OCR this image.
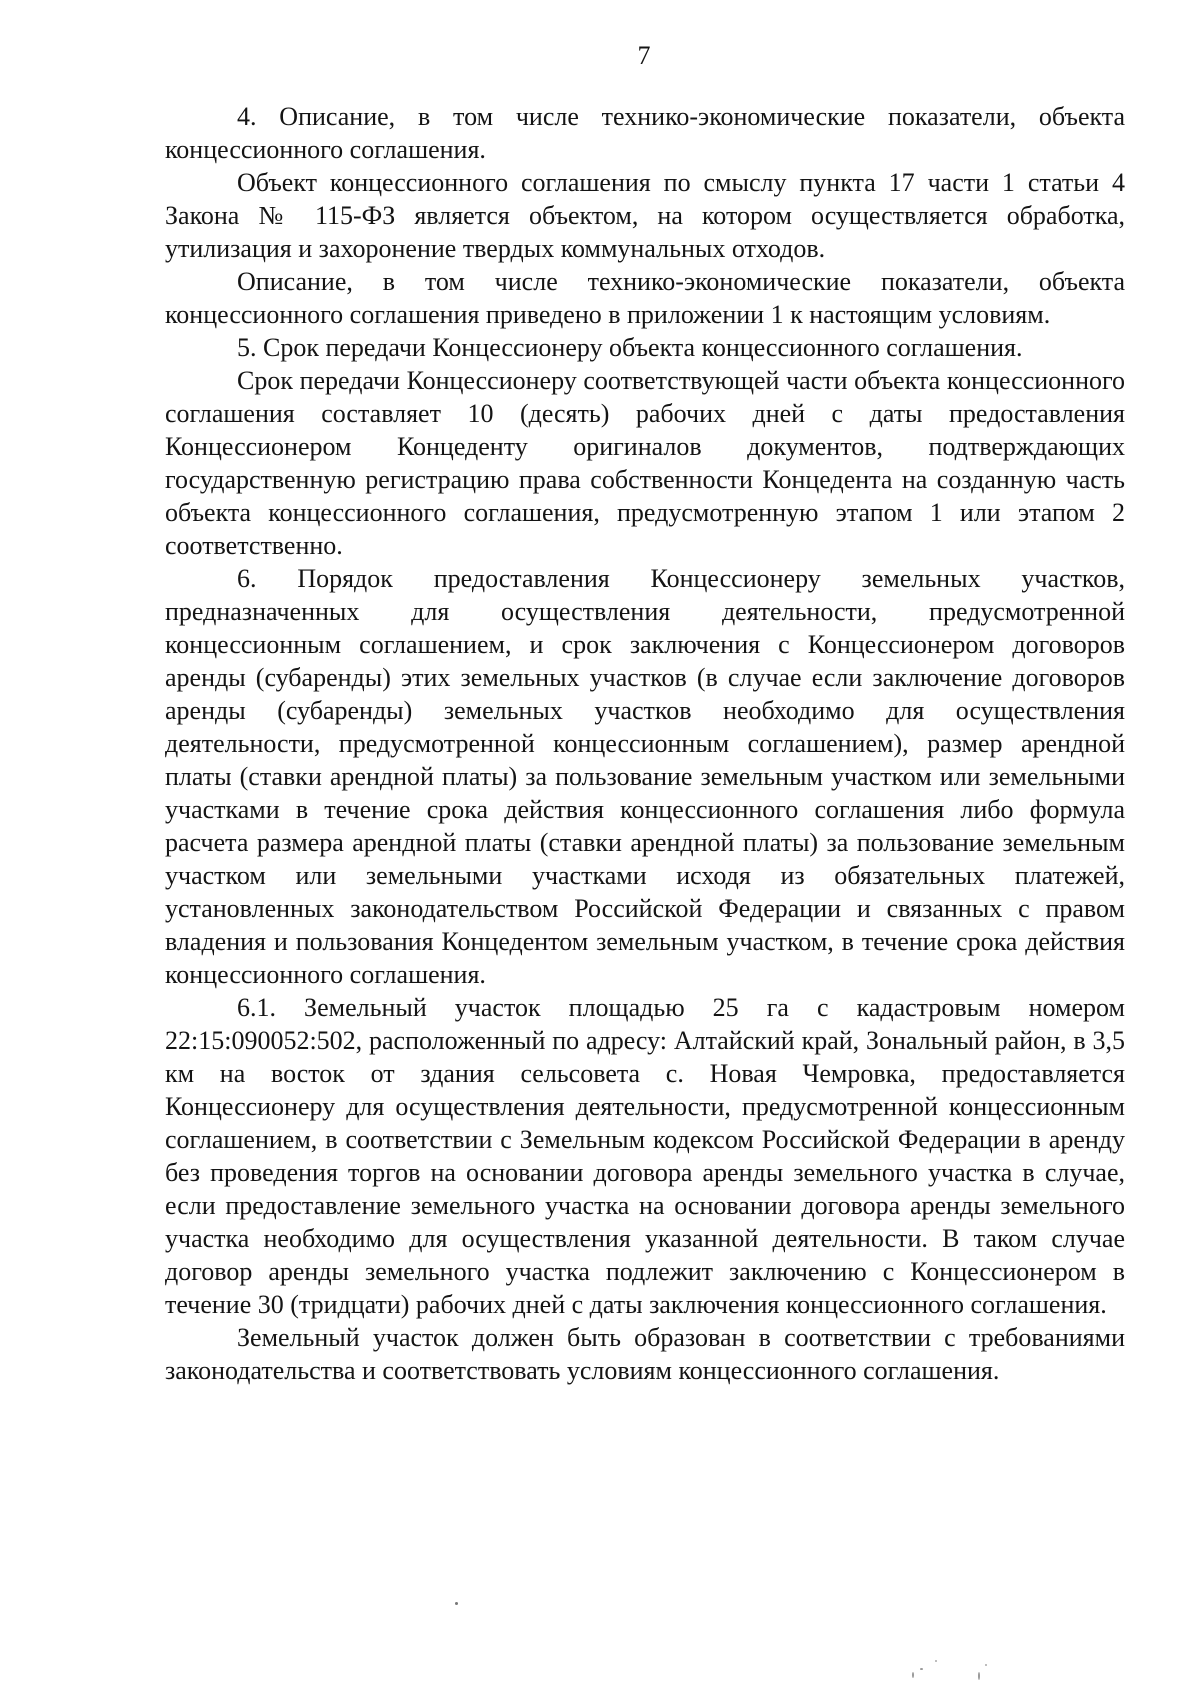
7

4. Описание, в том числе технико-экономические показатели, объекта концессионного соглашения.

Объект концессионного соглашения по смыслу пункта 17 части 1 статьи 4 Закона № 115-ФЗ является объектом, на котором осуществляется обработка, утилизация и захоронение твердых коммунальных отходов.

Описание, в том числе технико-экономические показатели, объекта концессионного соглашения приведено в приложении 1 к настоящим условиям.

5. Срок передачи Концессионеру объекта концессионного соглашения.

Срок передачи Концессионеру соответствующей части объекта концессионного соглашения составляет 10 (десять) рабочих дней с даты предоставления Концессионером Концеденту оригиналов документов, подтверждающих государственную регистрацию права собственности Концедента на созданную часть объекта концессионного соглашения, предусмотренную этапом 1 или этапом 2 соответственно.

6. Порядок предоставления Концессионеру земельных участков, предназначенных для осуществления деятельности, предусмотренной концессионным соглашением, и срок заключения с Концессионером договоров аренды (субаренды) этих земельных участков (в случае если заключение договоров аренды (субаренды) земельных участков необходимо для осуществления деятельности, предусмотренной концессионным соглашением), размер арендной платы (ставки арендной платы) за пользование земельным участком или земельными участками в течение срока действия концессионного соглашения либо формула расчета размера арендной платы (ставки арендной платы) за пользование земельным участком или земельными участками исходя из обязательных платежей, установленных законодательством Российской Федерации и связанных с правом владения и пользования Концедентом земельным участком, в течение срока действия концессионного соглашения.

6.1. Земельный участок площадью 25 га с кадастровым номером 22:15:090052:502, расположенный по адресу: Алтайский край, Зональный район, в 3,5 км на восток от здания сельсовета с. Новая Чемровка, предоставляется Концессионеру для осуществления деятельности, предусмотренной концессионным соглашением, в соответствии с Земельным кодексом Российской Федерации в аренду без проведения торгов на основании договора аренды земельного участка в случае, если предоставление земельного участка на основании договора аренды земельного участка необходимо для осуществления указанной деятельности. В таком случае договор аренды земельного участка подлежит заключению с Концессионером в течение 30 (тридцати) рабочих дней с даты заключения концессионного соглашения.

Земельный участок должен быть образован в соответствии с требованиями законодательства и соответствовать условиям концессионного соглашения.
